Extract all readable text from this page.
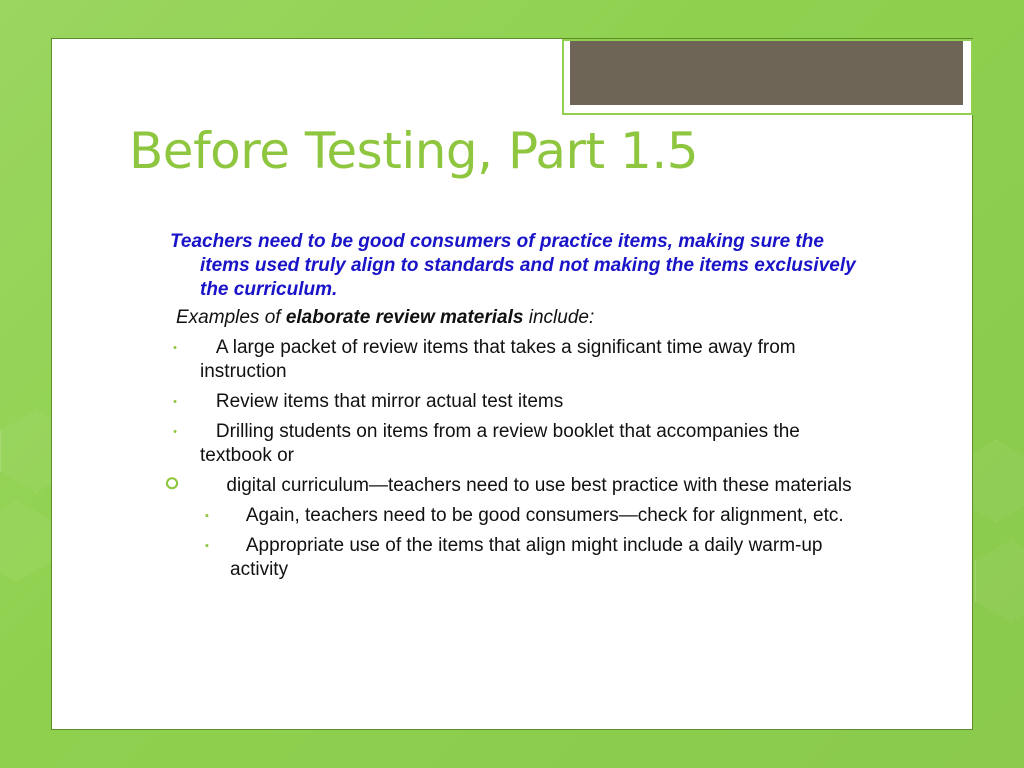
Before Testing, Part 1.5

Teachers need to be good consumers of practice items, making sure the items used truly align to standards and not making the items exclusively the curriculum.

Examples of elaborate review materials include:

•	A large packet of review items that takes a significant time away from instruction
•	Review items that mirror actual test items
•	Drilling students on items from a review booklet that accompanies the textbook or
⭘	digital curriculum—teachers need to use best practice with these materials
▪ Again, teachers need to be good consumers—check for alignment, etc.
▪ Appropriate use of the items that align might include a daily warm-up activity
